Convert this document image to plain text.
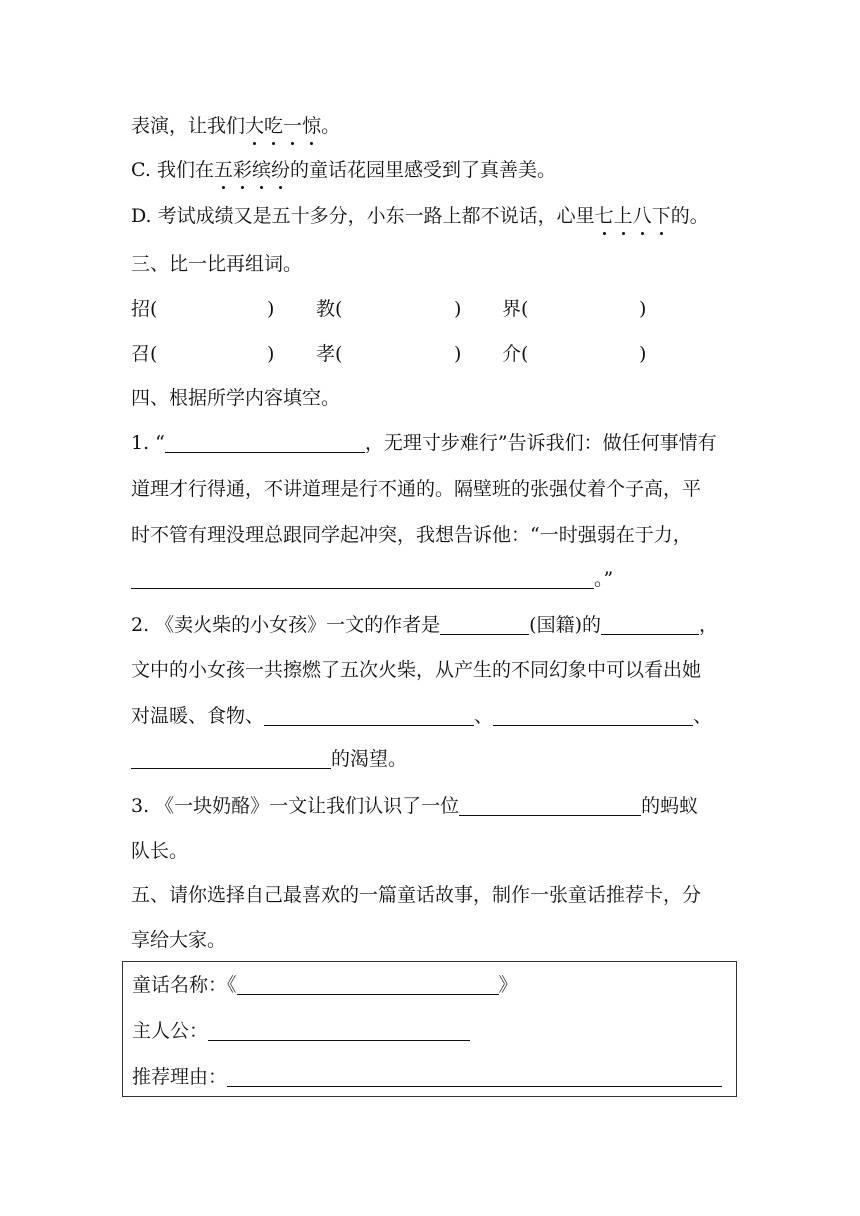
表演，让我们大吃一惊。
C. 我们在五彩缤纷的童话花园里感受到了真善美。
D. 考试成绩又是五十多分，小东一路上都不说话，心里七上八下的。
三、比一比再组词。
招(	) 教(	) 界(	)
召(	) 孝(	) 介(	)
四、根据所学内容填空。
1. “	，无理寸步难行”告诉我们：做任何事情有
道理才行得通，不讲道理是行不通的。隔壁班的张强仗着个子高，平
时不管有理没理总跟同学起冲突，我想告诉他：“一时强弱在于力，
。”
2. 《卖火柴的小女孩》一文的作者是	(国籍)的	，
文中的小女孩一共擦燃了五次火柴，从产生的不同幻象中可以看出她
对温暖、食物、	、	、
的渴望。
3. 《一块奶酪》一文让我们认识了一位	的蚂蚁
队长。
五、请你选择自己最喜欢的一篇童话故事，制作一张童话推荐卡，分
享给大家。
童话名称：《	》
主人公：
推荐理由：
